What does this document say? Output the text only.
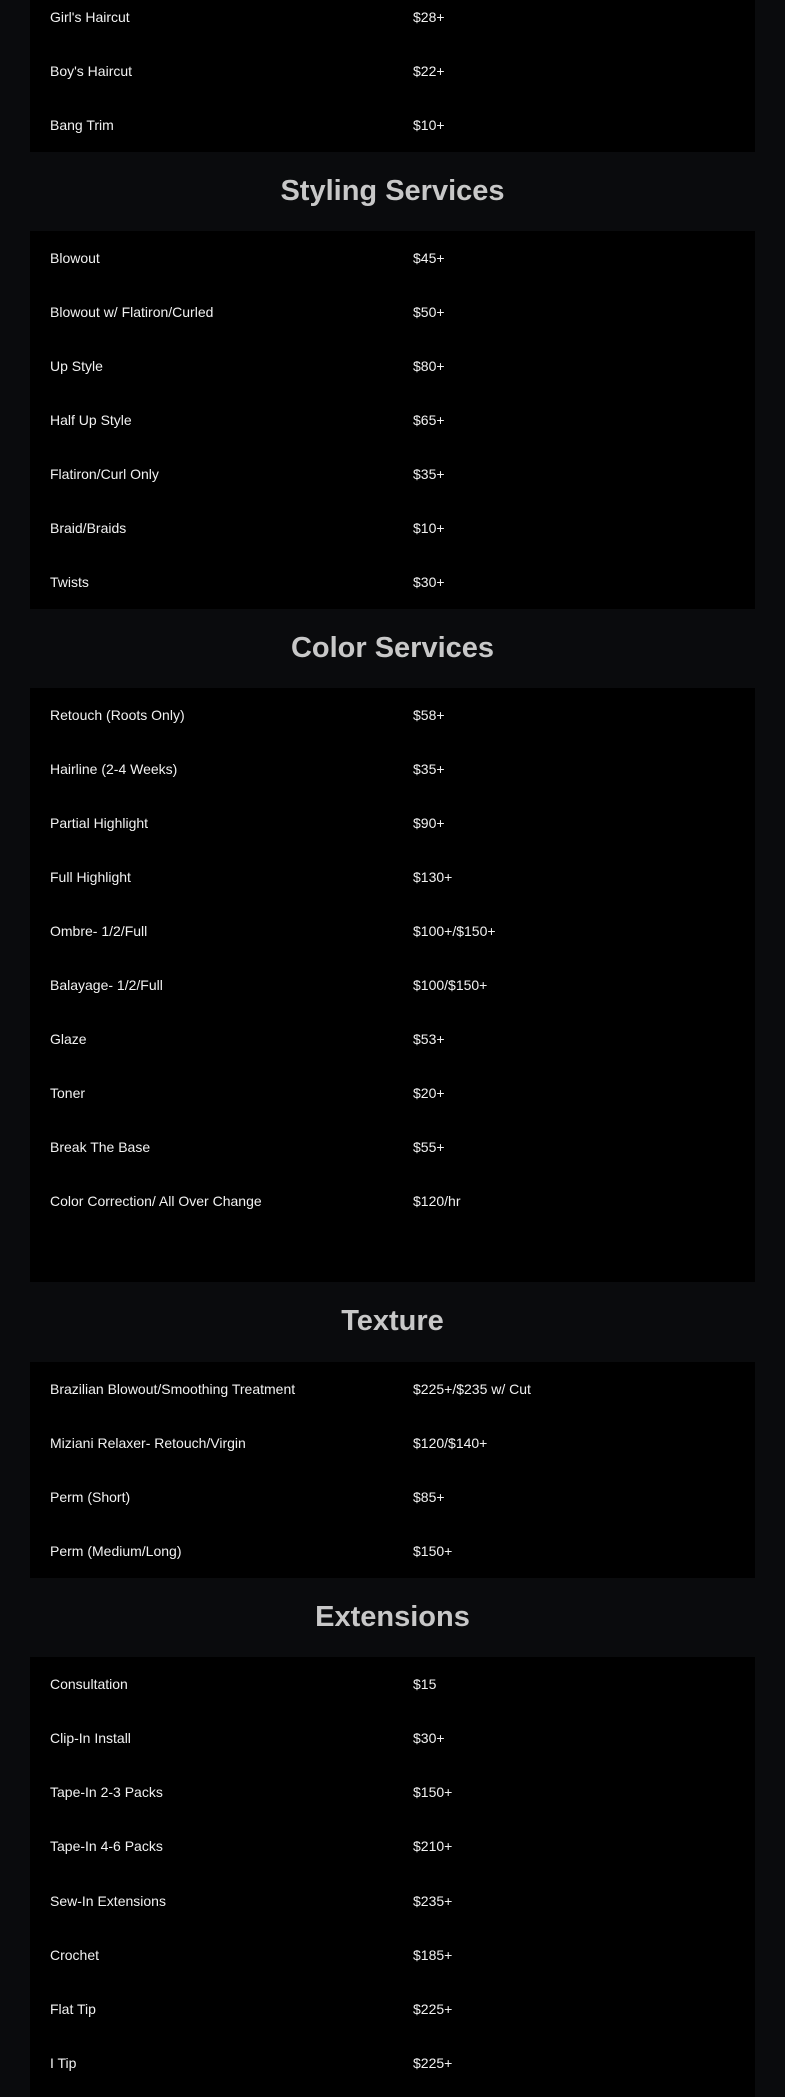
Girl's Haircut	$28+
Boy's Haircut	$22+
Bang Trim	$10+
Styling Services
Blowout	$45+
Blowout w/ Flatiron/Curled	$50+
Up Style	$80+
Half Up Style	$65+
Flatiron/Curl Only	$35+
Braid/Braids	$10+
Twists	$30+
Color Services
Retouch (Roots Only)	$58+
Hairline (2-4 Weeks)	$35+
Partial Highlight	$90+
Full Highlight	$130+
Ombre- 1/2/Full	$100+/$150+
Balayage- 1/2/Full	$100/$150+
Glaze	$53+
Toner	$20+
Break The Base	$55+
Color Correction/ All Over Change	$120/hr
Texture
Brazilian Blowout/Smoothing Treatment	$225+/$235 w/ Cut
Miziani Relaxer- Retouch/Virgin	$120/$140+
Perm (Short)	$85+
Perm (Medium/Long)	$150+
Extensions
Consultation	$15
Clip-In Install	$30+
Tape-In 2-3 Packs	$150+
Tape-In 4-6 Packs	$210+
Sew-In Extensions	$235+
Crochet	$185+
Flat Tip	$225+
I Tip	$225+
